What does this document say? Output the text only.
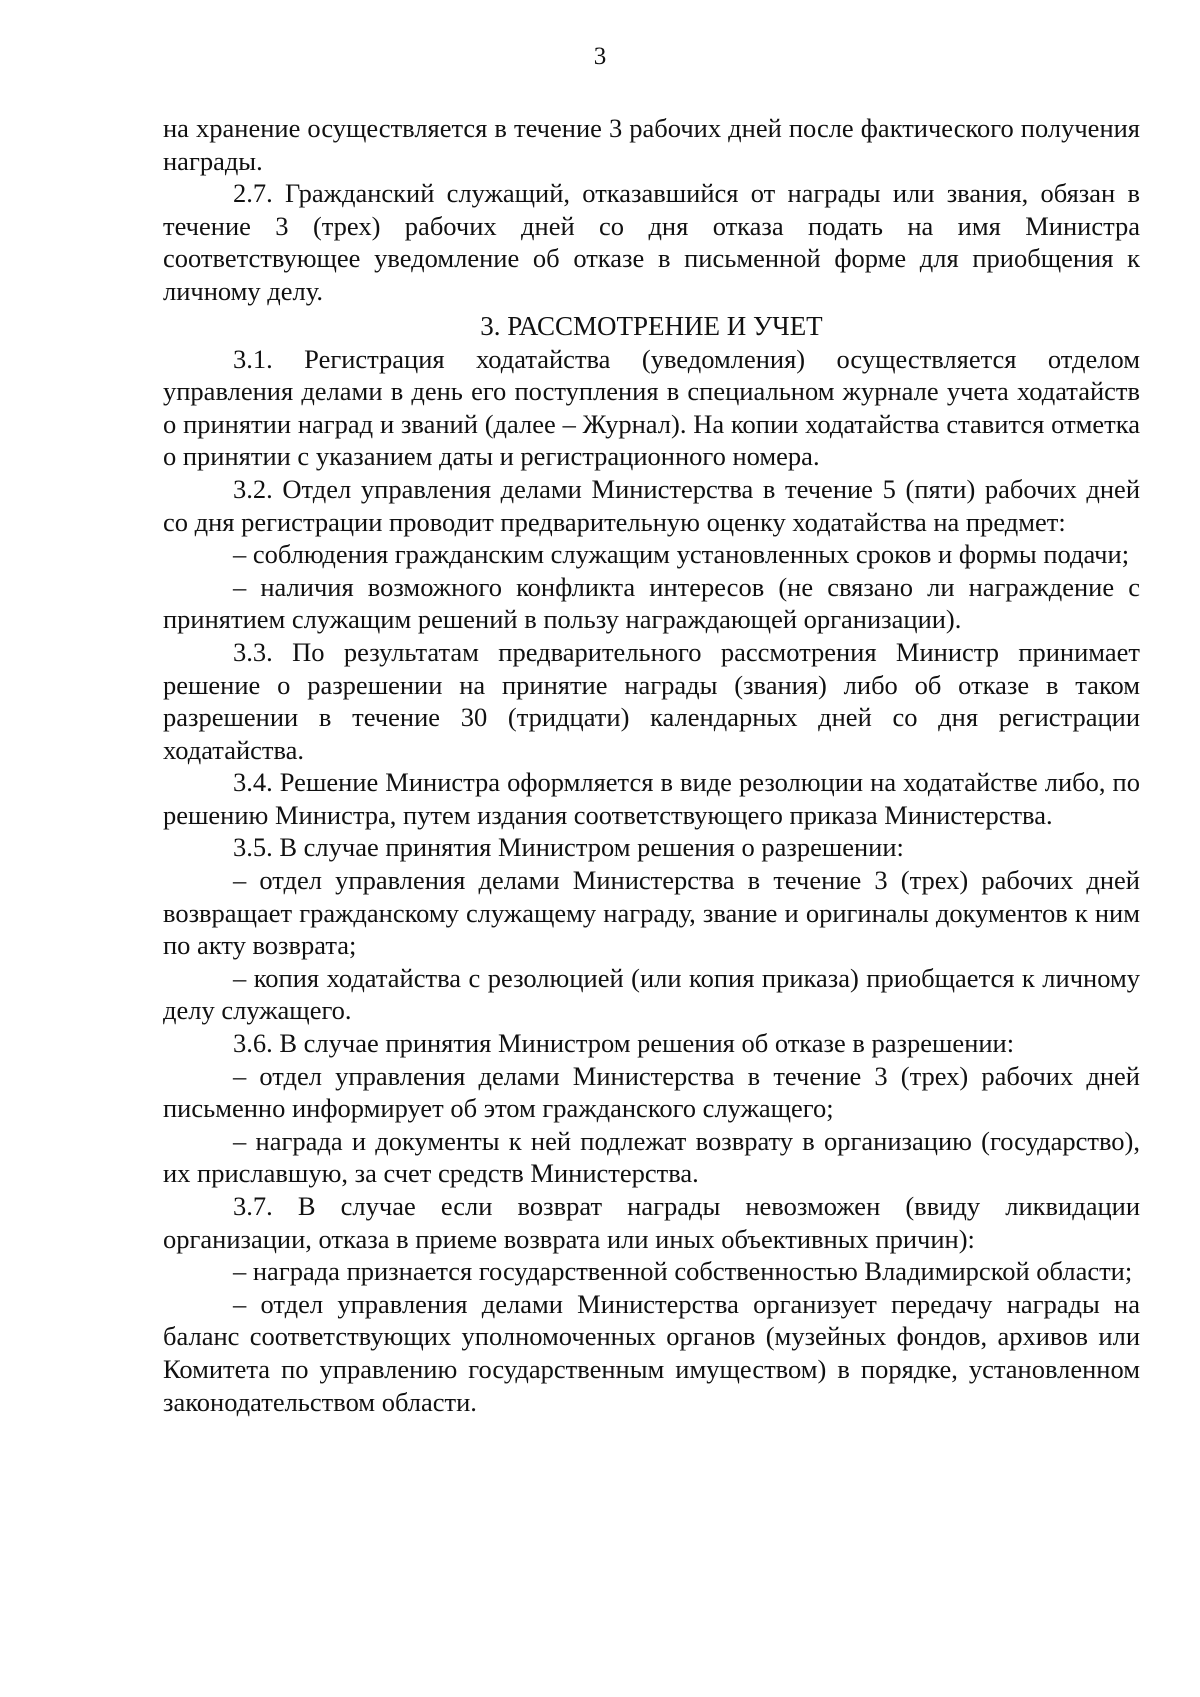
3

на хранение осуществляется в течение 3 рабочих дней после фактического получения награды.

2.7. Гражданский служащий, отказавшийся от награды или звания, обязан в течение 3 (трех) рабочих дней со дня отказа подать на имя Министра соответствующее уведомление об отказе в письменной форме для приобщения к личному делу.

3. РАССМОТРЕНИЕ И УЧЕТ

3.1. Регистрация ходатайства (уведомления) осуществляется отделом управления делами в день его поступления в специальном журнале учета ходатайств о принятии наград и званий (далее – Журнал). На копии ходатайства ставится отметка о принятии с указанием даты и регистрационного номера.

3.2. Отдел управления делами Министерства в течение 5 (пяти) рабочих дней со дня регистрации проводит предварительную оценку ходатайства на предмет:

– соблюдения гражданским служащим установленных сроков и формы подачи;

– наличия возможного конфликта интересов (не связано ли награждение с принятием служащим решений в пользу награждающей организации).

3.3. По результатам предварительного рассмотрения Министр принимает решение о разрешении на принятие награды (звания) либо об отказе в таком разрешении в течение 30 (тридцати) календарных дней со дня регистрации ходатайства.

3.4. Решение Министра оформляется в виде резолюции на ходатайстве либо, по решению Министра, путем издания соответствующего приказа Министерства.

3.5. В случае принятия Министром решения о разрешении:

– отдел управления делами Министерства в течение 3 (трех) рабочих дней возвращает гражданскому служащему награду, звание и оригиналы документов к ним по акту возврата;

– копия ходатайства с резолюцией (или копия приказа) приобщается к личному делу служащего.

3.6. В случае принятия Министром решения об отказе в разрешении:

– отдел управления делами Министерства в течение 3 (трех) рабочих дней письменно информирует об этом гражданского служащего;

– награда и документы к ней подлежат возврату в организацию (государство), их приславшую, за счет средств Министерства.

3.7. В случае если возврат награды невозможен (ввиду ликвидации организации, отказа в приеме возврата или иных объективных причин):

– награда признается государственной собственностью Владимирской области;

– отдел управления делами Министерства организует передачу награды на баланс соответствующих уполномоченных органов (музейных фондов, архивов или Комитета по управлению государственным имуществом) в порядке, установленном законодательством области.
